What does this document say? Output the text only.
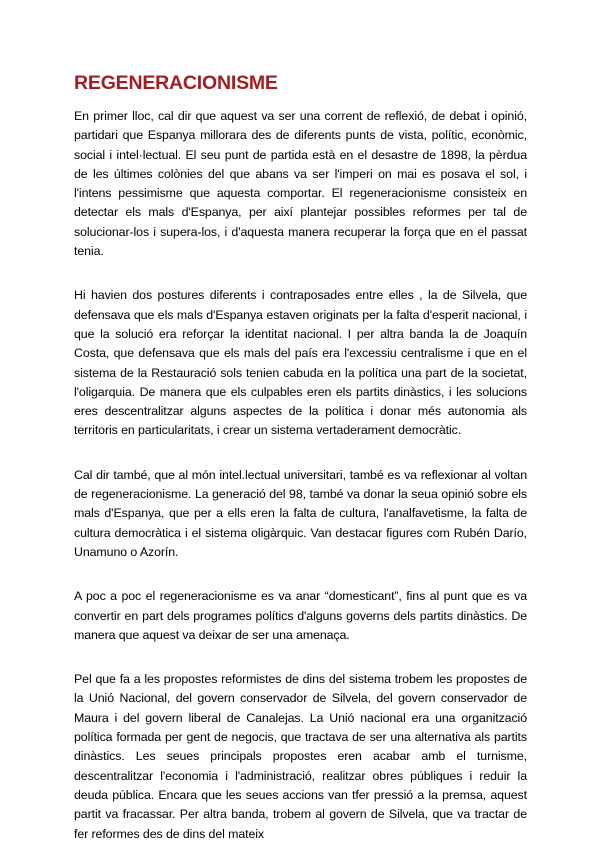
REGENERACIONISME

En primer lloc, cal dir que aquest va ser una corrent de reflexió, de debat i opinió, partidari que Espanya millorara des de diferents punts de vista, polític, econòmic, social i intel·lectual. El seu punt de partida està en el desastre de 1898, la pèrdua de les últimes colònies del que abans va ser l'imperi on mai es posava el sol, i l'intens pessimisme que aquesta comportar. El regeneracionisme consisteix en detectar els mals d'Espanya, per així plantejar possibles reformes per tal de solucionar-los i supera-los, i d'aquesta manera recuperar la força que en el passat tenia.

Hi havien dos postures diferents i contraposades entre elles , la de Silvela, que defensava que els mals d'Espanya estaven originats per la falta d'esperit nacional, i que la solució era reforçar la identitat nacional. I per altra banda la de Joaquín Costa, que defensava que els mals del país era l'excessiu centralisme i que en el sistema de la Restauració sols tenien cabuda en la política una part de la societat, l'oligarquia. De manera que els culpables eren els partits dinàstics, i les solucions eres descentralitzar alguns aspectes de la política i donar més autonomia als territoris en particularitats, i crear un sistema vertaderament democràtic.

Cal dir també, que al món intel.lectual universitari, també es va reflexionar al voltan de regeneracionisme. La generació del 98, també va donar la seua opinió sobre els mals d'Espanya, que per a ells eren la falta de cultura, l'analfavetisme, la falta de cultura democràtica i el sistema oligàrquic. Van destacar figures com Rubén Darío, Unamuno o Azorín.

A poc a poc el regeneracionisme es va anar “domesticant”, fins al punt que es va convertir en part dels programes polítics d'alguns governs dels partits dinàstics. De manera que aquest va deixar de ser una amenaça.

Pel que fa a les propostes reformistes de dins del sistema trobem les propostes de la Unió Nacional, del govern conservador de Silvela, del govern conservador de Maura i del govern liberal de Canalejas. La Unió nacional era una organització política formada per gent de negocis, que tractava de ser una alternativa als partits dinàstics. Les seues principals propostes eren acabar amb el turnisme, descentralitzar l'economia i l'administració, realitzar obres públiques i reduir la deuda pública. Encara que les seues accions van tfer pressió a la premsa, aquest partit va fracassar. Per altra banda, trobem al govern de Silvela, que va tractar de fer reformes des de dins del mateix
